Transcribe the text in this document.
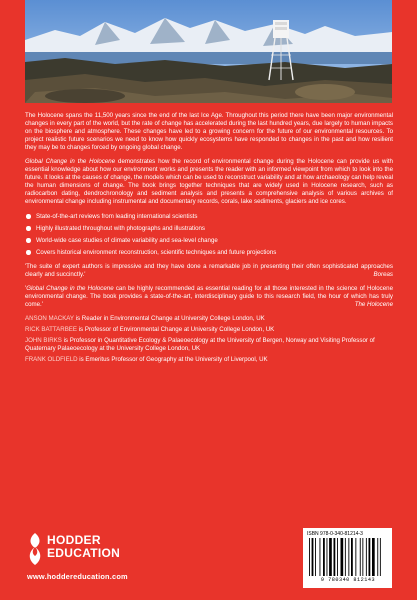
The Holocene spans the 11,500 years since the end of the last Ice Age. Throughout this period there have been major environmental changes in every part of the world, but the rate of change has accelerated during the last hundred years, due largely to human impacts on the biosphere and atmosphere. These changes have led to a growing concern for the future of our environmental resources. To project realistic future scenarios we need to know how quickly ecosystems have responded to changes in the past and how resilient they may be to changes forced by ongoing global change.

Global Change in the Holocene demonstrates how the record of environmental change during the Holocene can provide us with essential knowledge about how our environment works and presents the reader with an informed viewpoint from which to look into the future. It looks at the causes of change, the models which can be used to reconstruct variability and at how archaeology can help reveal the human dimensions of change. The book brings together techniques that are widely used in Holocene research, such as radiocarbon dating, dendrochronology and sediment analysis and presents a comprehensive analysis of various archives of environmental change including instrumental and documentary records, corals, lake sediments, glaciers and ice cores.

State-of-the-art reviews from leading international scientists
Highly illustrated throughout with photographs and illustrations
World-wide case studies of climate variability and sea-level change
Covers historical environment reconstruction, scientific techniques and future projections

'The suite of expert authors is impressive and they have done a remarkable job in presenting their often sophisticated approaches clearly and succinctly.'	Boreas

'Global Change in the Holocene can be highly recommended as essential reading for all those interested in the science of Holocene environmental change. The book provides a state-of-the-art, interdisciplinary guide to this research field, the hour of which has truly come.'	The Holocene

ANSON MACKAY is Reader in Environmental Change at University College London, UK

RICK BATTARBEE is Professor of Environmental Change at University College London, UK

JOHN BIRKS is Professor in Quantitative Ecology & Palaeoecology at the University of Bergen, Norway and Visiting Professor of Quaternary Palaeoecology at the University College London, UK

FRANK OLDFIELD is Emeritus Professor of Geography at the University of Liverpool, UK

HODDER
EDUCATION
www.hoddereducation.com
ISBN 978-0-340-81214-3
9 780340 812143
